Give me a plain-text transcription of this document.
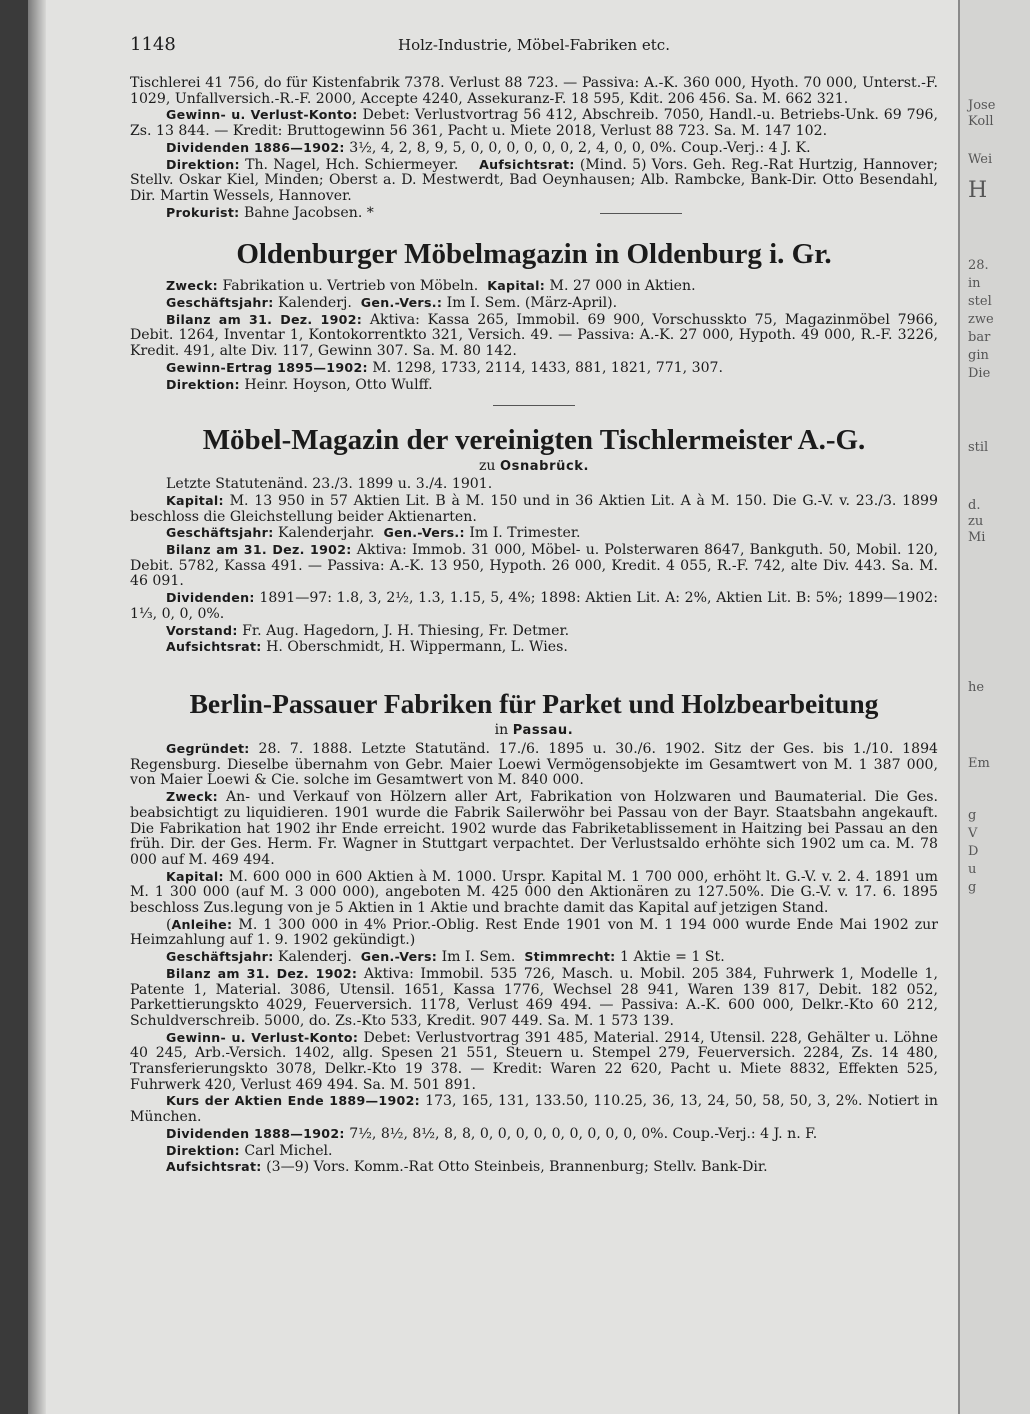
Jose
Koll
Wei
H
28.
in
stel
zwe
bar
gin
Die
stil
d.
zu
Mi
he
Em
g
V
D
u
g
1148	Holz-Industrie, Möbel-Fabriken etc.

Tischlerei 41 756, do für Kistenfabrik 7378. Verlust 88 723. — Passiva: A.-K. 360 000, Hyoth. 70 000, Unterst.-F. 1029, Unfallversich.-R.-F. 2000, Accepte 4240, Assekuranz-F. 18 595, Kdit. 206 456. Sa. M. 662 321.

Gewinn- u. Verlust-Konto: Debet: Verlustvortrag 56 412, Abschreib. 7050, Handl.-u. Betriebs-Unk. 69 796, Zs. 13 844. — Kredit: Bruttogewinn 56 361, Pacht u. Miete 2018, Verlust 88 723. Sa. M. 147 102.

Dividenden 1886—1902: 3½, 4, 2, 8, 9, 5, 0, 0, 0, 0, 0, 0, 2, 4, 0, 0, 0%. Coup.-Verj.: 4 J. K.

Direktion: Th. Nagel, Hch. Schiermeyer. Aufsichtsrat: (Mind. 5) Vors. Geh. Reg.-Rat Hurtzig, Hannover; Stellv. Oskar Kiel, Minden; Oberst a. D. Mestwerdt, Bad Oeynhausen; Alb. Rambcke, Bank-Dir. Otto Besendahl, Dir. Martin Wessels, Hannover.

Prokurist: Bahne Jacobsen. *

Oldenburger Möbelmagazin in Oldenburg i. Gr.

Zweck: Fabrikation u. Vertrieb von Möbeln. Kapital: M. 27 000 in Aktien.

Geschäftsjahr: Kalenderj. Gen.-Vers.: Im I. Sem. (März-April).

Bilanz am 31. Dez. 1902: Aktiva: Kassa 265, Immobil. 69 900, Vorschusskto 75, Magazinmöbel 7966, Debit. 1264, Inventar 1, Kontokorrentkto 321, Versich. 49. — Passiva: A.-K. 27 000, Hypoth. 49 000, R.-F. 3226, Kredit. 491, alte Div. 117, Gewinn 307. Sa. M. 80 142.

Gewinn-Ertrag 1895—1902: M. 1298, 1733, 2114, 1433, 881, 1821, 771, 307.

Direktion: Heinr. Hoyson, Otto Wulff.

Möbel-Magazin der vereinigten Tischlermeister A.-G.

zu Osnabrück.

Letzte Statutenänd. 23./3. 1899 u. 3./4. 1901.

Kapital: M. 13 950 in 57 Aktien Lit. B à M. 150 und in 36 Aktien Lit. A à M. 150. Die G.-V. v. 23./3. 1899 beschloss die Gleichstellung beider Aktienarten.

Geschäftsjahr: Kalenderjahr. Gen.-Vers.: Im I. Trimester.

Bilanz am 31. Dez. 1902: Aktiva: Immob. 31 000, Möbel- u. Polsterwaren 8647, Bankguth. 50, Mobil. 120, Debit. 5782, Kassa 491. — Passiva: A.-K. 13 950, Hypoth. 26 000, Kredit. 4 055, R.-F. 742, alte Div. 443. Sa. M. 46 091.

Dividenden: 1891—97: 1.8, 3, 2½, 1.3, 1.15, 5, 4%; 1898: Aktien Lit. A: 2%, Aktien Lit. B: 5%; 1899—1902: 1⅓, 0, 0, 0%.

Vorstand: Fr. Aug. Hagedorn, J. H. Thiesing, Fr. Detmer.

Aufsichtsrat: H. Oberschmidt, H. Wippermann, L. Wies.

Berlin-Passauer Fabriken für Parket und Holzbearbeitung

in Passau.

Gegründet: 28. 7. 1888. Letzte Statutänd. 17./6. 1895 u. 30./6. 1902. Sitz der Ges. bis 1./10. 1894 Regensburg. Dieselbe übernahm von Gebr. Maier Loewi Vermögensobjekte im Gesamtwert von M. 1 387 000, von Maier Loewi & Cie. solche im Gesamtwert von M. 840 000.

Zweck: An- und Verkauf von Hölzern aller Art, Fabrikation von Holzwaren und Baumaterial. Die Ges. beabsichtigt zu liquidieren. 1901 wurde die Fabrik Sailerwöhr bei Passau von der Bayr. Staatsbahn angekauft. Die Fabrikation hat 1902 ihr Ende erreicht. 1902 wurde das Fabriketablissement in Haitzing bei Passau an den früh. Dir. der Ges. Herm. Fr. Wagner in Stuttgart verpachtet. Der Verlustsaldo erhöhte sich 1902 um ca. M. 78 000 auf M. 469 494.

Kapital: M. 600 000 in 600 Aktien à M. 1000. Urspr. Kapital M. 1 700 000, erhöht lt. G.-V. v. 2. 4. 1891 um M. 1 300 000 (auf M. 3 000 000), angeboten M. 425 000 den Aktionären zu 127.50%. Die G.-V. v. 17. 6. 1895 beschloss Zus.legung von je 5 Aktien in 1 Aktie und brachte damit das Kapital auf jetzigen Stand.

(Anleihe: M. 1 300 000 in 4% Prior.-Oblig. Rest Ende 1901 von M. 1 194 000 wurde Ende Mai 1902 zur Heimzahlung auf 1. 9. 1902 gekündigt.)

Geschäftsjahr: Kalenderj. Gen.-Vers: Im I. Sem. Stimmrecht: 1 Aktie = 1 St.

Bilanz am 31. Dez. 1902: Aktiva: Immobil. 535 726, Masch. u. Mobil. 205 384, Fuhrwerk 1, Modelle 1, Patente 1, Material. 3086, Utensil. 1651, Kassa 1776, Wechsel 28 941, Waren 139 817, Debit. 182 052, Parkettierungskto 4029, Feuerversich. 1178, Verlust 469 494. — Passiva: A.-K. 600 000, Delkr.-Kto 60 212, Schuldverschreib. 5000, do. Zs.-Kto 533, Kredit. 907 449. Sa. M. 1 573 139.

Gewinn- u. Verlust-Konto: Debet: Verlustvortrag 391 485, Material. 2914, Utensil. 228, Gehälter u. Löhne 40 245, Arb.-Versich. 1402, allg. Spesen 21 551, Steuern u. Stempel 279, Feuerversich. 2284, Zs. 14 480, Transferierungskto 3078, Delkr.-Kto 19 378. — Kredit: Waren 22 620, Pacht u. Miete 8832, Effekten 525, Fuhrwerk 420, Verlust 469 494. Sa. M. 501 891.

Kurs der Aktien Ende 1889—1902: 173, 165, 131, 133.50, 110.25, 36, 13, 24, 50, 58, 50, 3, 2%. Notiert in München.

Dividenden 1888—1902: 7½, 8½, 8½, 8, 8, 0, 0, 0, 0, 0, 0, 0, 0, 0, 0%. Coup.-Verj.: 4 J. n. F.

Direktion: Carl Michel.

Aufsichtsrat: (3—9) Vors. Komm.-Rat Otto Steinbeis, Brannenburg; Stellv. Bank-Dir.
